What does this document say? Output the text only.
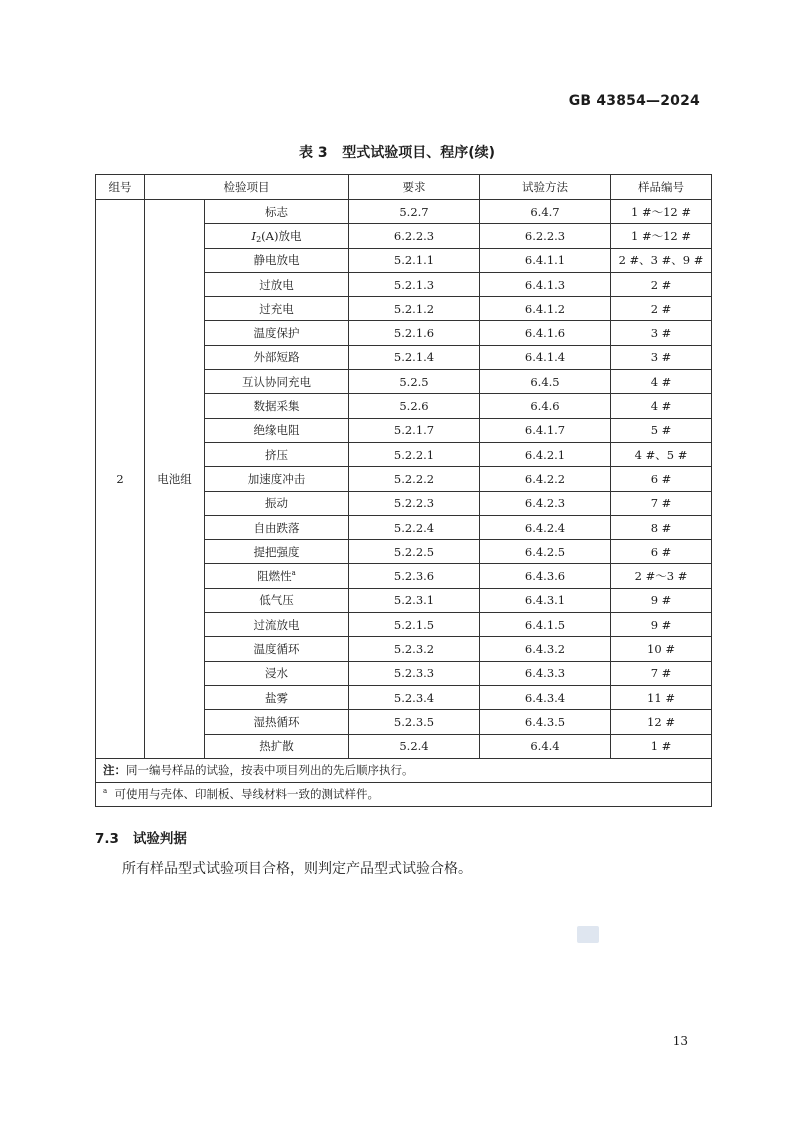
GB 43854—2024
表 3   型式试验项目、程序(续)
组号	检验项目		要求	试验方法	样品编号
2	电池组	标志	5.2.7	6.4.7	1 #～12 #
		$I_2(A)$放电	6.2.2.3	6.2.2.3	1 #～12 #
		静电放电	5.2.1.1	6.4.1.1	2 #、3 #、9 #
		过放电	5.2.1.3	6.4.1.3	2 #
		过充电	5.2.1.2	6.4.1.2	2 #
		温度保护	5.2.1.6	6.4.1.6	3 #
		外部短路	5.2.1.4	6.4.1.4	3 #
		互认协同充电	5.2.5	6.4.5	4 #
		数据采集	5.2.6	6.4.6	4 #
		绝缘电阻	5.2.1.7	6.4.1.7	5 #
		挤压	5.2.2.1	6.4.2.1	4 #、5 #
		加速度冲击	5.2.2.2	6.4.2.2	6 #
		振动	5.2.2.3	6.4.2.3	7 #
		自由跌落	5.2.2.4	6.4.2.4	8 #
		提把强度	5.2.2.5	6.4.2.5	6 #
		阻燃性$^a$	5.2.3.6	6.4.3.6	2 #～3 #
		低气压	5.2.3.1	6.4.3.1	9 #
		过流放电	5.2.1.5	6.4.1.5	9 #
		温度循环	5.2.3.2	6.4.3.2	10 #
		浸水	5.2.3.3	6.4.3.3	7 #
		盐雾	5.2.3.4	6.4.3.4	11 #
		湿热循环	5.2.3.5	6.4.3.5	12 #
		热扩散	5.2.4	6.4.4	1 #
注：同一编号样品的试验，按表中项目列出的先后顺序执行。					
$^a$ 可使用与壳体、印制板、导线材料一致的测试样件。					
7.3 试验判据
所有样品型式试验项目合格，则判定产品型式试验合格。
13
